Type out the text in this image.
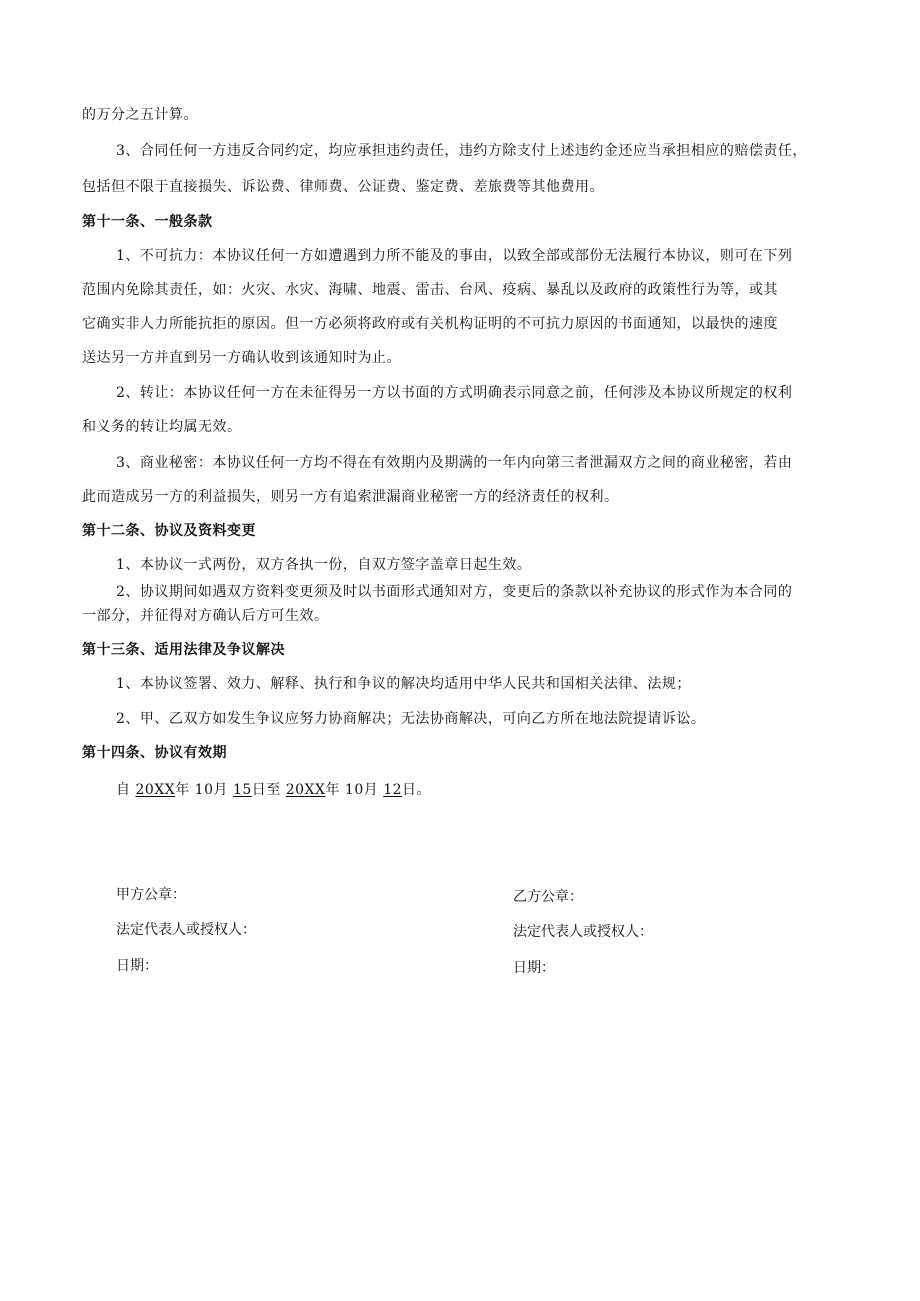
的万分之五计算。
3、合同任何一方违反合同约定，均应承担违约责任，违约方除支付上述违约金还应当承担相应的赔偿责任，
包括但不限于直接损失、诉讼费、律师费、公证费、鉴定费、差旅费等其他费用。
第十一条、一般条款
1、不可抗力：本协议任何一方如遭遇到力所不能及的事由，以致全部或部份无法履行本协议，则可在下列
范围内免除其责任，如：火灾、水灾、海啸、地震、雷击、台风、疫病、暴乱以及政府的政策性行为等，或其
它确实非人力所能抗拒的原因。但一方必须将政府或有关机构证明的不可抗力原因的书面通知，以最快的速度
送达另一方并直到另一方确认收到该通知时为止。
2、转让：本协议任何一方在未征得另一方以书面的方式明确表示同意之前，任何涉及本协议所规定的权利
和义务的转让均属无效。
3、商业秘密：本协议任何一方均不得在有效期内及期满的一年内向第三者泄漏双方之间的商业秘密，若由
此而造成另一方的利益损失，则另一方有追索泄漏商业秘密一方的经济责任的权利。
第十二条、协议及资料变更
1、本协议一式两份，双方各执一份，自双方签字盖章日起生效。
2、协议期间如遇双方资料变更须及时以书面形式通知对方，变更后的条款以补充协议的形式作为本合同的
一部分，并征得对方确认后方可生效。
第十三条、适用法律及争议解决
1、本协议签署、效力、解释、执行和争议的解决均适用中华人民共和国相关法律、法规；
2、甲、乙双方如发生争议应努力协商解决；无法协商解决，可向乙方所在地法院提请诉讼。
第十四条、协议有效期
自 20XX年 10月 15日至 20XX年 10月 12日。
甲方公章：
法定代表人或授权人：
日期：
乙方公章：
法定代表人或授权人：
日期：
